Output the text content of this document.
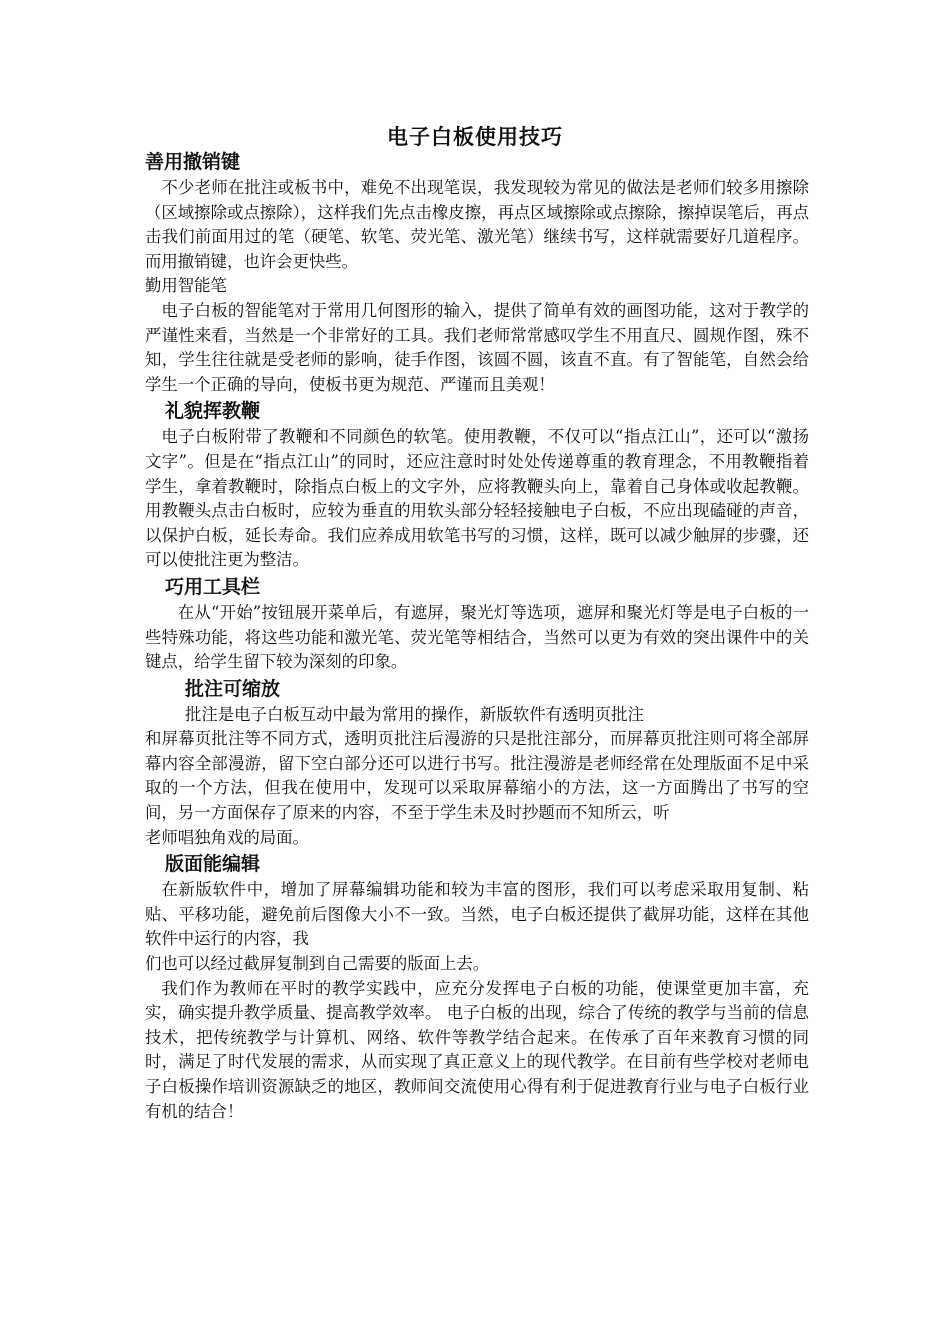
电子白板使用技巧
善用撤销键
不少老师在批注或板书中，难免不出现笔误，我发现较为常见的做法是老师们较多用擦除（区域擦除或点擦除），这样我们先点击橡皮擦，再点区域擦除或点擦除，擦掉误笔后，再点击我们前面用过的笔（硬笔、软笔、荧光笔、激光笔）继续书写，这样就需要好几道程序。而用撤销键，也许会更快些。
勤用智能笔
电子白板的智能笔对于常用几何图形的输入，提供了简单有效的画图功能，这对于教学的严谨性来看，当然是一个非常好的工具。我们老师常常感叹学生不用直尺、圆规作图，殊不知，学生往往就是受老师的影响，徒手作图，该圆不圆，该直不直。有了智能笔，自然会给学生一个正确的导向，使板书更为规范、严谨而且美观！
礼貌挥教鞭
电子白板附带了教鞭和不同颜色的软笔。使用教鞭，不仅可以“指点江山”，还可以“激扬文字”。但是在“指点江山”的同时，还应注意时时处处传递尊重的教育理念，不用教鞭指着学生，拿着教鞭时，除指点白板上的文字外，应将教鞭头向上，靠着自己身体或收起教鞭。用教鞭头点击白板时，应较为垂直的用软头部分轻轻接触电子白板，不应出现磕碰的声音，以保护白板，延长寿命。我们应养成用软笔书写的习惯，这样，既可以减少触屏的步骤，还可以使批注更为整洁。
巧用工具栏
在从“开始”按钮展开菜单后，有遮屏，聚光灯等选项，遮屏和聚光灯等是电子白板的一些特殊功能，将这些功能和激光笔、荧光笔等相结合，当然可以更为有效的突出课件中的关键点，给学生留下较为深刻的印象。
批注可缩放
批注是电子白板互动中最为常用的操作，新版软件有透明页批注
和屏幕页批注等不同方式，透明页批注后漫游的只是批注部分，而屏幕页批注则可将全部屏幕内容全部漫游，留下空白部分还可以进行书写。批注漫游是老师经常在处理版面不足中采取的一个方法，但我在使用中，发现可以采取屏幕缩小的方法，这一方面腾出了书写的空间，另一方面保存了原来的内容，不至于学生未及时抄题而不知所云，听
老师唱独角戏的局面。
版面能编辑
在新版软件中，增加了屏幕编辑功能和较为丰富的图形，我们可以考虑采取用复制、粘贴、平移功能，避免前后图像大小不一致。当然，电子白板还提供了截屏功能，这样在其他软件中运行的内容，我
们也可以经过截屏复制到自己需要的版面上去。
我们作为教师在平时的教学实践中，应充分发挥电子白板的功能，使课堂更加丰富，充实，确实提升教学质量、提高教学效率。 电子白板的出现，综合了传统的教学与当前的信息技术，把传统教学与计算机、网络、软件等教学结合起来。在传承了百年来教育习惯的同时，满足了时代发展的需求，从而实现了真正意义上的现代教学。在目前有些学校对老师电子白板操作培训资源缺乏的地区，教师间交流使用心得有利于促进教育行业与电子白板行业有机的结合！
